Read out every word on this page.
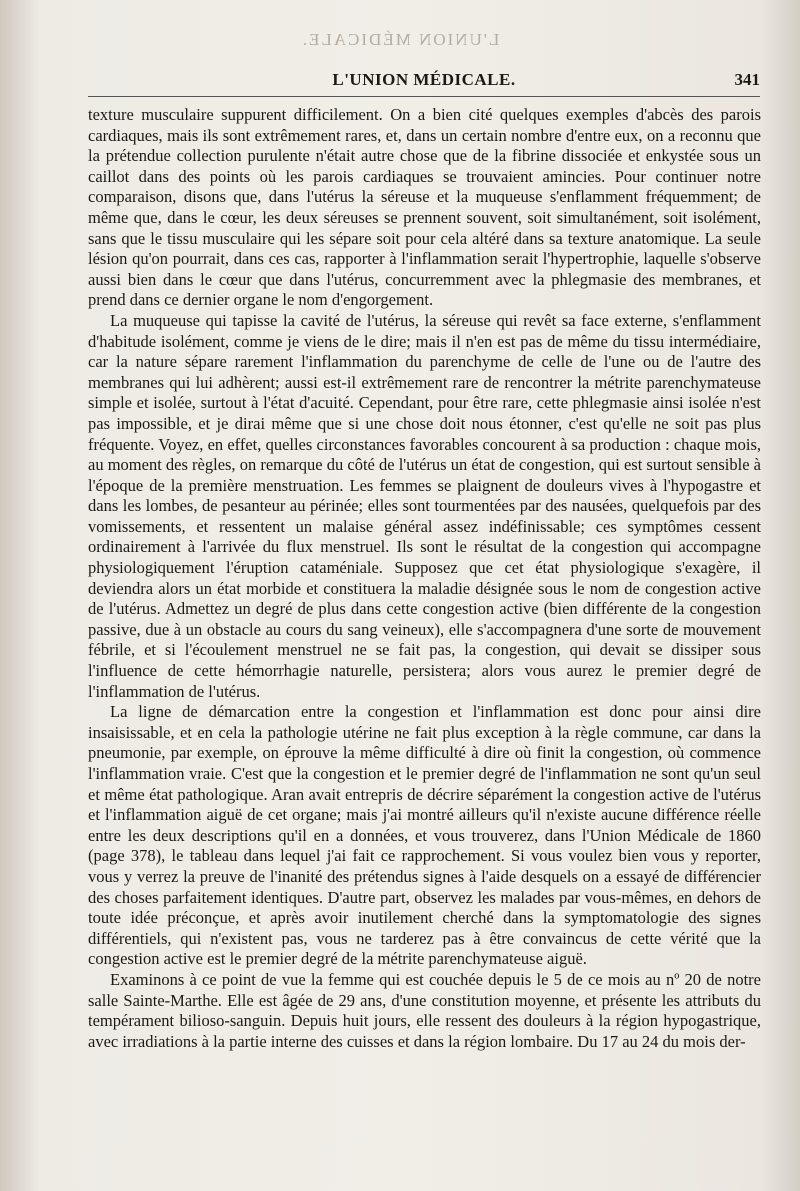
L'UNION MÉDICALE.
L'UNION MÉDICALE.	341

texture musculaire suppurent difficilement. On a bien cité quelques exemples d'abcès des parois cardiaques, mais ils sont extrêmement rares, et, dans un certain nombre d'entre eux, on a reconnu que la prétendue collection purulente n'était autre chose que de la fibrine dissociée et enkystée sous un caillot dans des points où les parois cardiaques se trouvaient amincies. Pour continuer notre comparaison, disons que, dans l'utérus la séreuse et la muqueuse s'enflamment fréquemment; de même que, dans le cœur, les deux séreuses se prennent souvent, soit simultanément, soit isolément, sans que le tissu musculaire qui les sépare soit pour cela altéré dans sa texture anatomique. La seule lésion qu'on pourrait, dans ces cas, rapporter à l'inflammation serait l'hypertrophie, laquelle s'observe aussi bien dans le cœur que dans l'utérus, concurremment avec la phlegmasie des membranes, et prend dans ce dernier organe le nom d'engorgement.

La muqueuse qui tapisse la cavité de l'utérus, la séreuse qui revêt sa face externe, s'enflamment d'habitude isolément, comme je viens de le dire; mais il n'en est pas de même du tissu intermédiaire, car la nature sépare rarement l'inflammation du parenchyme de celle de l'une ou de l'autre des membranes qui lui adhèrent; aussi est-il extrêmement rare de rencontrer la métrite parenchymateuse simple et isolée, surtout à l'état d'acuité. Cependant, pour être rare, cette phlegmasie ainsi isolée n'est pas impossible, et je dirai même que si une chose doit nous étonner, c'est qu'elle ne soit pas plus fréquente. Voyez, en effet, quelles circonstances favorables concourent à sa production : chaque mois, au moment des règles, on remarque du côté de l'utérus un état de congestion, qui est surtout sensible à l'époque de la première menstruation. Les femmes se plaignent de douleurs vives à l'hypogastre et dans les lombes, de pesanteur au périnée; elles sont tourmentées par des nausées, quelquefois par des vomissements, et ressentent un malaise général assez indéfinissable; ces symptômes cessent ordinairement à l'arrivée du flux menstruel. Ils sont le résultat de la congestion qui accompagne physiologiquement l'éruption cataméniale. Supposez que cet état physiologique s'exagère, il deviendra alors un état morbide et constituera la maladie désignée sous le nom de congestion active de l'utérus. Admettez un degré de plus dans cette congestion active (bien différente de la congestion passive, due à un obstacle au cours du sang veineux), elle s'accompagnera d'une sorte de mouvement fébrile, et si l'écoulement menstruel ne se fait pas, la congestion, qui devait se dissiper sous l'influence de cette hémorrhagie naturelle, persistera; alors vous aurez le premier degré de l'inflammation de l'utérus.

La ligne de démarcation entre la congestion et l'inflammation est donc pour ainsi dire insaisissable, et en cela la pathologie utérine ne fait plus exception à la règle commune, car dans la pneumonie, par exemple, on éprouve la même difficulté à dire où finit la congestion, où commence l'inflammation vraie. C'est que la congestion et le premier degré de l'inflammation ne sont qu'un seul et même état pathologique. Aran avait entrepris de décrire séparément la congestion active de l'utérus et l'inflammation aiguë de cet organe; mais j'ai montré ailleurs qu'il n'existe aucune différence réelle entre les deux descriptions qu'il en a données, et vous trouverez, dans l'Union Médicale de 1860 (page 378), le tableau dans lequel j'ai fait ce rapprochement. Si vous voulez bien vous y reporter, vous y verrez la preuve de l'inanité des prétendus signes à l'aide desquels on a essayé de différencier des choses parfaitement identiques. D'autre part, observez les malades par vous-mêmes, en dehors de toute idée préconçue, et après avoir inutilement cherché dans la symptomatologie des signes différentiels, qui n'existent pas, vous ne tarderez pas à être convaincus de cette vérité que la congestion active est le premier degré de la métrite parenchymateuse aiguë.

Examinons à ce point de vue la femme qui est couchée depuis le 5 de ce mois au nº 20 de notre salle Sainte-Marthe. Elle est âgée de 29 ans, d'une constitution moyenne, et présente les attributs du tempérament bilioso-sanguin. Depuis huit jours, elle ressent des douleurs à la région hypogastrique, avec irradiations à la partie interne des cuisses et dans la région lombaire. Du 17 au 24 du mois der-
